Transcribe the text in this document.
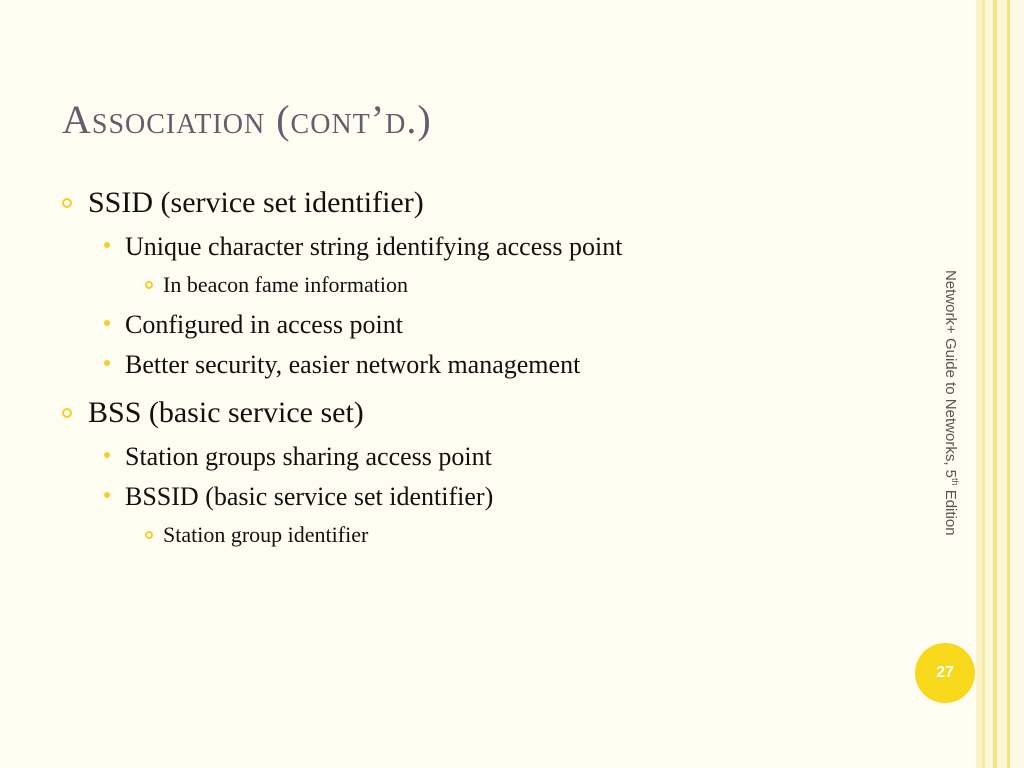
Association (cont’d.)
SSID (service set identifier)
Unique character string identifying access point
In beacon fame information
Configured in access point
Better security, easier network management
BSS (basic service set)
Station groups sharing access point
BSSID (basic service set identifier)
Station group identifier
Network+ Guide to Networks, 5th Edition
27
